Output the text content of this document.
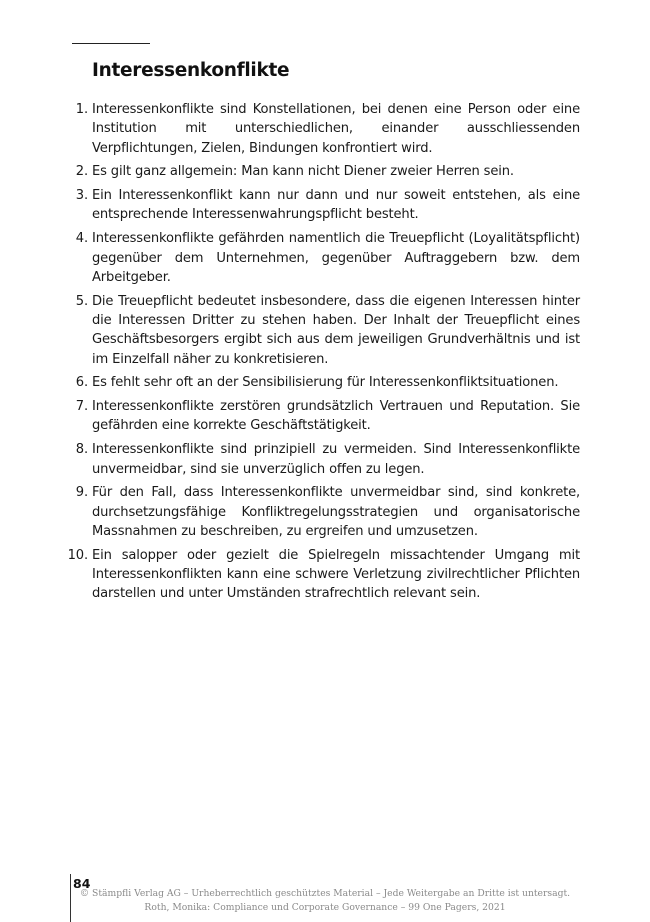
Interessenkonflikte
1. Interessenkonflikte sind Konstellationen, bei denen eine Person oder eine Institution mit unterschiedlichen, einander ausschliessenden Verpflichtungen, Zielen, Bindungen konfrontiert wird.
2. Es gilt ganz allgemein: Man kann nicht Diener zweier Herren sein.
3. Ein Interessenkonflikt kann nur dann und nur soweit entstehen, als eine entsprechende Interessenwahrungspflicht besteht.
4. Interessenkonflikte gefährden namentlich die Treuepflicht (Loyalitätspflicht) gegenüber dem Unternehmen, gegenüber Auftraggebern bzw. dem Arbeitgeber.
5. Die Treuepflicht bedeutet insbesondere, dass die eigenen Interessen hinter die Interessen Dritter zu stehen haben. Der Inhalt der Treuepflicht eines Geschäftsbesorgers ergibt sich aus dem jeweiligen Grundverhältnis und ist im Einzelfall näher zu konkretisieren.
6. Es fehlt sehr oft an der Sensibilisierung für Interessenkonfliktsituationen.
7. Interessenkonflikte zerstören grundsätzlich Vertrauen und Reputation. Sie gefährden eine korrekte Geschäftstätigkeit.
8. Interessenkonflikte sind prinzipiell zu vermeiden. Sind Interessenkonflikte unvermeidbar, sind sie unverzüglich offen zu legen.
9. Für den Fall, dass Interessenkonflikte unvermeidbar sind, sind konkrete, durchsetzungsfähige Konfliktregelungsstrategien und organisatorische Massnahmen zu beschreiben, zu ergreifen und umzusetzen.
10. Ein salopper oder gezielt die Spielregeln missachtender Umgang mit Interessenkonflikten kann eine schwere Verletzung zivilrechtlicher Pflichten darstellen und unter Umständen strafrechtlich relevant sein.
84
© Stämpfli Verlag AG – Urheberrechtlich geschütztes Material – Jede Weitergabe an Dritte ist untersagt.
Roth, Monika: Compliance und Corporate Governance – 99 One Pagers, 2021
